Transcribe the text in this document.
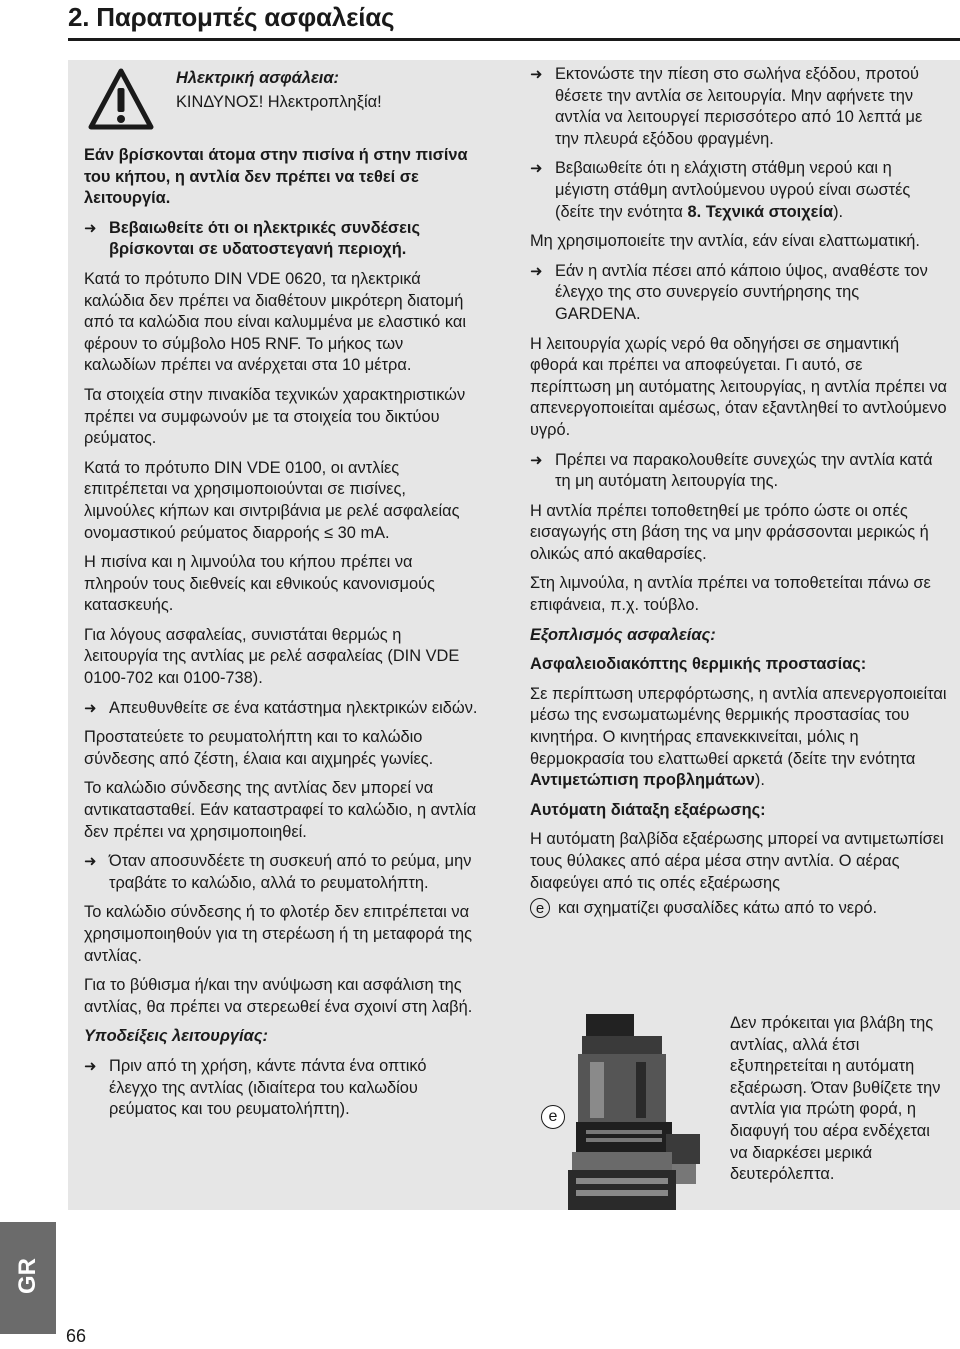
2. Παραπομπές ασφαλείας
Ηλεκτρική ασφάλεια:
ΚΙΝΔΥΝΟΣ! Ηλεκτροπληξία!

Εάν βρίσκονται άτομα στην πισίνα ή στην πισίνα του κήπου, η αντλία δεν πρέπει να τεθεί σε λειτουργία.

➜ Βεβαιωθείτε ότι οι ηλεκτρικές συνδέσεις βρίσκονται σε υδατοστεγανή περιοχή.

Κατά το πρότυπο DIN VDE 0620, τα ηλεκτρικά καλώδια δεν πρέπει να διαθέτουν μικρότερη διατομή από τα καλώδια που είναι καλυμμένα με ελαστικό και φέρουν το σύμβολο H05 RNF. Το μήκος των καλωδίων πρέπει να ανέρχεται στα 10 μέτρα.

Τα στοιχεία στην πινακίδα τεχνικών χαρακτηριστικών πρέπει να συμφωνούν με τα στοιχεία του δικτύου ρεύματος.

Κατά το πρότυπο DIN VDE 0100, οι αντλίες επιτρέπεται να χρησιμοποιούνται σε πισίνες, λιμνούλες κήπων και σιντριβάνια με ρελέ ασφαλείας ονομαστικού ρεύματος διαρροής ≤ 30 mA.

Η πισίνα και η λιμνούλα του κήπου πρέπει να πληρούν τους διεθνείς και εθνικούς κανονισμούς κατασκευής.

Για λόγους ασφαλείας, συνιστάται θερμώς η λειτουργία της αντλίας με ρελέ ασφαλείας (DIN VDE 0100-702 και 0100-738).

➜ Απευθυνθείτε σε ένα κατάστημα ηλεκτρικών ειδών.

Προστατεύετε το ρευματολήπτη και το καλώδιο σύνδεσης από ζέστη, έλαια και αιχμηρές γωνίες.

Το καλώδιο σύνδεσης της αντλίας δεν μπορεί να αντικατασταθεί. Εάν καταστραφεί το καλώδιο, η αντλία δεν πρέπει να χρησιμοποιηθεί.

➜ Όταν αποσυνδέετε τη συσκευή από το ρεύμα, μην τραβάτε το καλώδιο, αλλά το ρευματολήπτη.

Το καλώδιο σύνδεσης ή το φλοτέρ δεν επιτρέπεται να χρησιμοποιηθούν για τη στερέωση ή τη μεταφορά της αντλίας.

Για το βύθισμα ή/και την ανύψωση και ασφάλιση της αντλίας, θα πρέπει να στερεωθεί ένα σχοινί στη λαβή.

Υποδείξεις λειτουργίας:

➜ Πριν από τη χρήση, κάντε πάντα ένα οπτικό έλεγχο της αντλίας (ιδιαίτερα του καλωδίου ρεύματος και του ρευματολήπτη).

➜ Εκτονώστε την πίεση στο σωλήνα εξόδου, προτού θέσετε την αντλία σε λειτουργία. Μην αφήνετε την αντλία να λειτουργεί περισσότερο από 10 λεπτά με την πλευρά εξόδου φραγμένη.

➜ Βεβαιωθείτε ότι η ελάχιστη στάθμη νερού και η μέγιστη στάθμη αντλούμενου υγρού είναι σωστές (δείτε την ενότητα 8. Τεχνικά στοιχεία).

Μη χρησιμοποιείτε την αντλία, εάν είναι ελαττωματική.

➜ Εάν η αντλία πέσει από κάποιο ύψος, αναθέστε τον έλεγχο της στο συνεργείο συντήρησης της GARDENA.

Η λειτουργία χωρίς νερό θα οδηγήσει σε σημαντική φθορά και πρέπει να αποφεύγεται. Γι αυτό, σε περίπτωση μη αυτόματης λειτουργίας, η αντλία πρέπει να απενεργοποιείται αμέσως, όταν εξαντληθεί το αντλούμενο υγρό.

➜ Πρέπει να παρακολουθείτε συνεχώς την αντλία κατά τη μη αυτόματη λειτουργία της.

Η αντλία πρέπει τοποθετηθεί με τρόπο ώστε οι οπές εισαγωγής στη βάση της να μην φράσσονται μερικώς ή ολικώς από ακαθαρσίες.

Στη λιμνούλα, η αντλία πρέπει να τοποθετείται πάνω σε επιφάνεια, π.χ. τούβλο.

Εξοπλισμός ασφαλείας:

Ασφαλειοδιακόπτης θερμικής προστασίας:

Σε περίπτωση υπερφόρτωσης, η αντλία απενεργοποιείται μέσω της ενσωματωμένης θερμικής προστασίας του κινητήρα. Ο κινητήρας επανεκκινείται, μόλις η θερμοκρασία του ελαττωθεί αρκετά (δείτε την ενότητα Αντιμετώπιση προβλημάτων).

Αυτόματη διάταξη εξαέρωσης:

Η αυτόματη βαλβίδα εξαέρωσης μπορεί να αντιμετωπίσει τους θύλακες από αέρα μέσα στην αντλία. Ο αέρας διαφεύγει από τις οπές εξαέρωσης

e και σχηματίζει φυσαλίδες κάτω από το νερό.

e

Δεν πρόκειται για βλάβη της αντλίας, αλλά έτσι εξυπηρετείται η αυτόματη εξαέρωση. Όταν βυθίζετε την αντλία για πρώτη φορά, η διαφυγή του αέρα ενδέχεται να διαρκέσει μερικά δευτερόλεπτα.

GR
66
